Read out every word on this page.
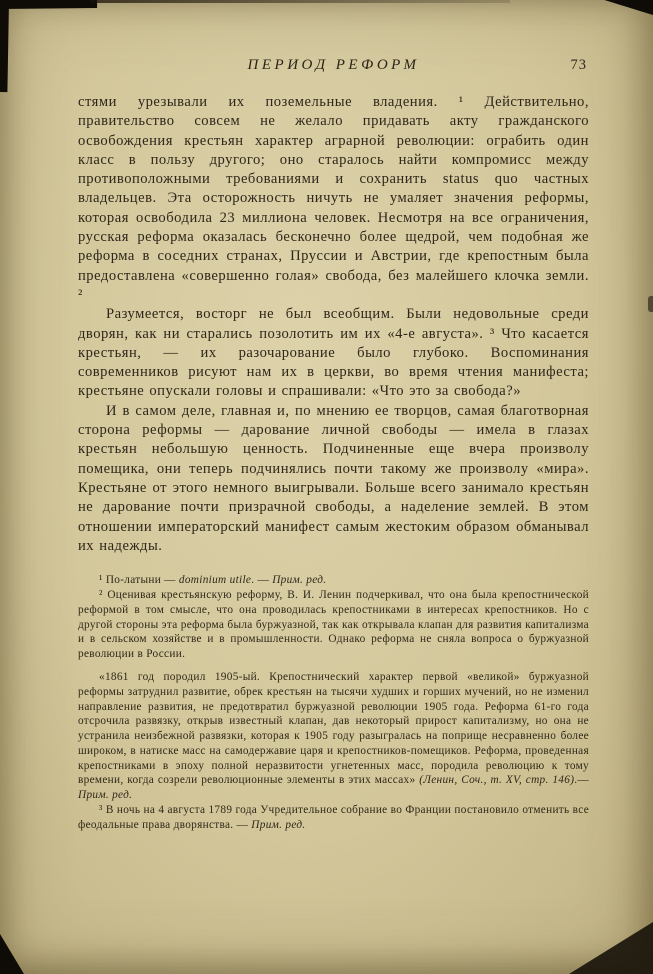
ПЕРИОД РЕФОРМ	73

стями урезывали их поземельные владения. ¹ Действительно, правительство совсем не желало придавать акту гражданского освобождения крестьян характер аграрной революции: ограбить один класс в пользу другого; оно старалось найти компромисс между противоположными требованиями и сохранить status quo частных владельцев. Эта осторожность ничуть не умаляет значения реформы, которая освободила 23 миллиона человек. Несмотря на все ограничения, русская реформа оказалась бесконечно более щедрой, чем подобная же реформа в соседних странах, Пруссии и Австрии, где крепостным была предоставлена «совершенно голая» свобода, без малейшего клочка земли. ²

Разумеется, восторг не был всеобщим. Были недовольные среди дворян, как ни старались позолотить им их «4-е августа». ³ Что касается крестьян, — их разочарование было глубоко. Воспоминания современников рисуют нам их в церкви, во время чтения манифеста; крестьяне опускали головы и спрашивали: «Что это за свобода?»

И в самом деле, главная и, по мнению ее творцов, самая благотворная сторона реформы — дарование личной свободы — имела в глазах крестьян небольшую ценность. Подчиненные еще вчера произволу помещика, они теперь подчинялись почти такому же произволу «мира». Крестьяне от этого немного выигрывали. Больше всего занимало крестьян не дарование почти призрачной свободы, а наделение землей. В этом отношении императорский манифест самым жестоким образом обманывал их надежды.

¹ По-латыни — dominium utile. — Прим. ред.

² Оценивая крестьянскую реформу, В. И. Ленин подчеркивал, что она была крепостнической реформой в том смысле, что она проводилась крепостниками в интересах крепостников. Но с другой стороны эта реформа была буржуазной, так как открывала клапан для развития капитализма и в сельском хозяйстве и в промышленности. Однако реформа не сняла вопроса о буржуазной революции в России.

«1861 год породил 1905-ый. Крепостнический характер первой «великой» буржуазной реформы затруднил развитие, обрек крестьян на тысячи худших и горших мучений, но не изменил направление развития, не предотвратил буржуазной революции 1905 года. Реформа 61-го года отсрочила развязку, открыв известный клапан, дав некоторый прирост капитализму, но она не устранила неизбежной развязки, которая к 1905 году разыгралась на поприще несравненно более широком, в натиске масс на самодержавие царя и крепостников-помещиков. Реформа, проведенная крепостниками в эпоху полной неразвитости угнетенных масс, породила революцию к тому времени, когда созрели революционные элементы в этих массах» (Ленин, Соч., т. XV, стр. 146).— Прим. ред.

³ В ночь на 4 августа 1789 года Учредительное собрание во Франции постановило отменить все феодальные права дворянства. — Прим. ред.
